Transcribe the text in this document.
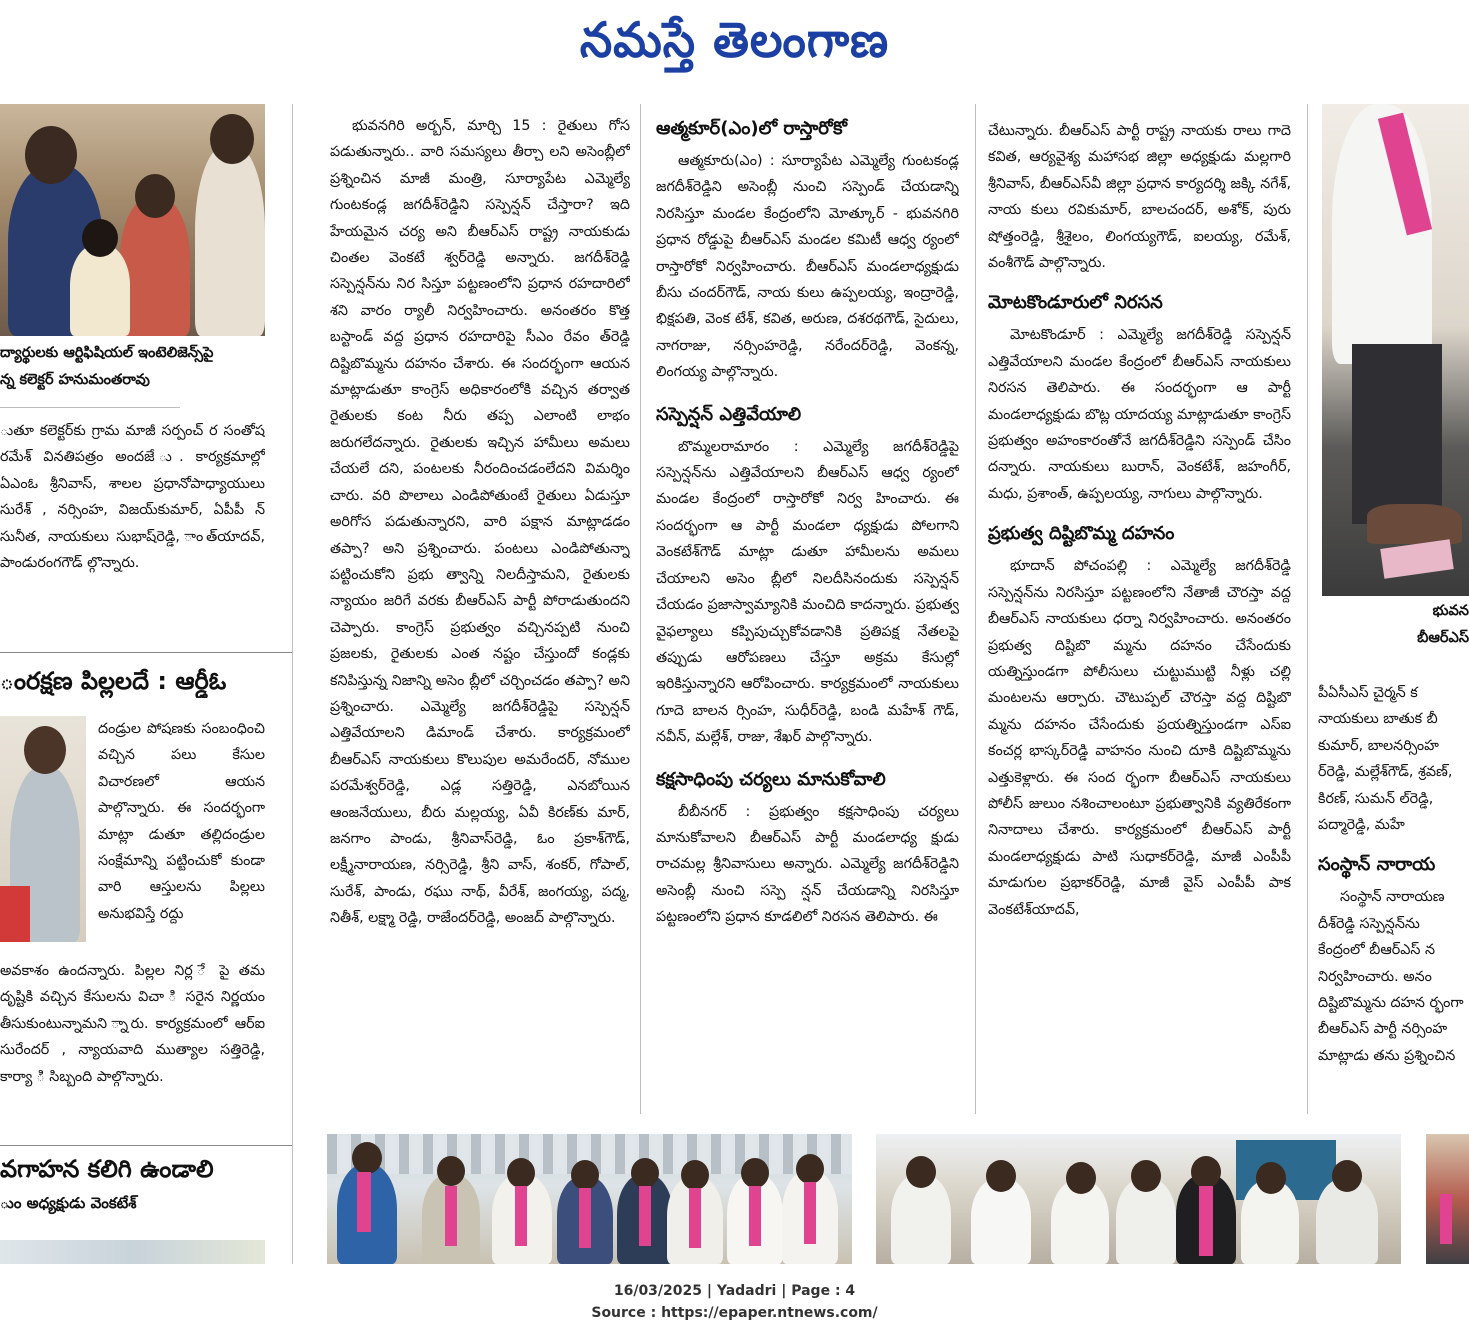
నమస్తే తెలంగాణ
ద్యార్థులకు ఆర్టిఫిషియల్ ఇంటెలిజెన్స్‌పై
న్న కలెక్టర్ హనుమంతరావు

ుతూ కలెక్టర్‌కు గ్రామ మాజీ సర్పంచ్ ర సంతోష రమేశ్ వినతిపత్రం అందజే ు. కార్యక్రమాల్లో ఏఎంఓ శ్రీనివాస్, శాలల ప్రధానోపాధ్యాయులు సురేశ్ , నర్సింహ, విజయ్‌కుమార్, ఏపీపీ న్ సునీత, నాయకులు సుభాష్‌రెడ్డి, ాంత్‌యాదవ్, పాండురంగగౌడ్ ల్గొన్నారు.

ంరక్షణ పిల్లలదే : ఆర్డీఓ

దండ్రుల పోషణకు సంబంధించి వచ్చిన పలు కేసుల విచారణలో ఆయన పాల్గొన్నారు. ఈ సందర్భంగా మాట్లా డుతూ తల్లిదండ్రుల సంక్షేమాన్ని పట్టించుకో కుండా వారి ఆస్తులను పిల్లలు అనుభవిస్తే రద్దు

అవకాశం ఉందన్నారు. పిల్లల నిర్ల ే పై తమ దృష్టికి వచ్చిన కేసులను విచా ి సరైన నిర్ణయం తీసుకుంటున్నామని ్నారు. కార్యక్రమంలో ఆర్‌ఐ సురేందర్ , న్యాయవాది ముత్యాల సత్తిరెడ్డి, కార్యా ి సిబ్బంది పాల్గొన్నారు.

వగాహన కలిగి ఉండాలి
ుం అధ్యక్షుడు వెంకటేశ్

భువనగిరి అర్బన్, మార్చి 15 : రైతులు గోస పడుతున్నారు.. వారి సమస్యలు తీర్చా లని అసెంబ్లీలో ప్రశ్నించిన మాజీ మంత్రి, సూర్యాపేట ఎమ్మెల్యే గుంటకండ్ల జగదీశ్‌రెడ్డిని సస్పెన్షన్ చేస్తారా? ఇది హేయమైన చర్య అని బీఆర్‌ఎస్ రాష్ట్ర నాయకుడు చింతల వెంకటే శ్వర్‌రెడ్డి అన్నారు. జగదీశ్‌రెడ్డి సస్పెన్షన్‌ను నిర సిస్తూ పట్టణంలోని ప్రధాన రహదారిలో శని వారం ర్యాలీ నిర్వహించారు. అనంతరం కొత్త బస్టాండ్ వద్ద ప్రధాన రహదారిపై సీఎం రేవం త్‌రెడ్డి దిష్టిబొమ్మను దహనం చేశారు. ఈ సందర్భంగా ఆయన మాట్లాడుతూ కాంగ్రెస్ అధికారంలోకి వచ్చిన తర్వాత రైతులకు కంట నీరు తప్ప ఎలాంటి లాభం జరుగలేదన్నారు. రైతులకు ఇచ్చిన హామీలు అమలు చేయలే దని, పంటలకు నీరందించడంలేదని విమర్శిం చారు. వరి పొలాలు ఎండిపోతుంటే రైతులు ఏడుస్తూ అరిగోస పడుతున్నారని, వారి పక్షాన మాట్లాడడం తప్పా? అని ప్రశ్నించారు. పంటలు ఎండిపోతున్నా పట్టించుకోని ప్రభు త్వాన్ని నిలదీస్తామని, రైతులకు న్యాయం జరిగే వరకు బీఆర్‌ఎస్ పార్టీ పోరాడుతుందని చెప్పారు. కాంగ్రెస్ ప్రభుత్వం వచ్చినప్పటి నుంచి ప్రజలకు, రైతులకు ఎంత నష్టం చేస్తుందో కండ్లకు కనిపిస్తున్న నిజాన్ని అసెం బ్లీలో చర్చించడం తప్పా? అని ప్రశ్నించారు. ఎమ్మెల్యే జగదీశ్‌రెడ్డిపై సస్పెన్షన్ ఎత్తివేయాలని డిమాండ్ చేశారు. కార్యక్రమంలో బీఆర్‌ఎస్ నాయకులు కొలుపుల అమరేందర్, నోముల పరమేశ్వర్‌రెడ్డి, ఎడ్ల సత్తిరెడ్డి, ఎనబోయిన ఆంజనేయులు, బీరు మల్లయ్య, ఏవీ కిరణ్‌కు మార్, జనగాం పాండు, శ్రీనివాస్‌రెడ్డి, ఓం ప్రకాశ్‌గౌడ్, లక్ష్మీనారాయణ, నర్సిరెడ్డి, శ్రీని వాస్, శంకర్, గోపాల్, సురేశ్, పాండు, రఘు నాథ్, వీరేశ్, జంగయ్య, పద్మ, నితీశ్, లక్ష్మా రెడ్డి, రాజేందర్‌రెడ్డి, అంజద్ పాల్గొన్నారు.

ఆత్మకూర్(ఎం)లో రాస్తారోకో

ఆత్మకూరు(ఎం) : సూర్యాపేట ఎమ్మెల్యే గుంటకండ్ల జగదీశ్‌రెడ్డిని అసెంబ్లీ నుంచి సస్పెండ్ చేయడాన్ని నిరసిస్తూ మండల కేంద్రంలోని మోత్కూర్ - భువనగిరి ప్రధాన రోడ్డుపై బీఆర్‌ఎస్ మండల కమిటీ ఆధ్వ ర్యంలో రాస్తారోకో నిర్వహించారు. బీఆర్‌ఎస్ మండలాధ్యక్షుడు బీసు చందర్‌గౌడ్, నాయ కులు ఉప్పలయ్య, ఇంద్రారెడ్డి, భిక్షపతి, వెంక టేశ్, కవిత, అరుణ, దశరథగౌడ్, సైదులు, నాగరాజు, నర్సింహరెడ్డి, నరేందర్‌రెడ్డి, వెంకన్న, లింగయ్య పాల్గొన్నారు.

సస్పెన్షన్ ఎత్తివేయాలి

బొమ్మలరామారం : ఎమ్మెల్యే జగదీశ్‌రెడ్డిపై సస్పెన్షన్‌ను ఎత్తివేయాలని బీఆర్‌ఎస్ ఆధ్వ ర్యంలో మండల కేంద్రంలో రాస్తారోకో నిర్వ హించారు. ఈ సందర్భంగా ఆ పార్టీ మండలా ధ్యక్షుడు పోలగాని వెంకటేశ్‌గౌడ్ మాట్లా డుతూ హామీలను అమలు చేయాలని అసెం బ్లీలో నిలదీసినందుకు సస్పెన్షన్ చేయడం ప్రజాస్వామ్యానికి మంచిది కాదన్నారు. ప్రభుత్వ వైఫల్యాలు కప్పిపుచ్చుకోవడానికి ప్రతిపక్ష నేతలపై తప్పుడు ఆరోపణలు చేస్తూ అక్రమ కేసుల్లో ఇరికిస్తున్నారని ఆరోపించారు. కార్యక్రమంలో నాయకులు గూదె బాలన ర్సింహ, సుధీర్‌రెడ్డి, బండి మహేశ్ గౌడ్, నవీన్, మల్లేశ్, రాజు, శేఖర్ పాల్గొన్నారు.

కక్షసాధింపు చర్యలు మానుకోవాలి

బీబీనగర్ : ప్రభుత్వం కక్షసాధింపు చర్యలు మానుకోవాలని బీఆర్‌ఎస్ పార్టీ మండలాధ్య క్షుడు రాచమల్ల శ్రీనివాసులు అన్నారు. ఎమ్మెల్యే జగదీశ్‌రెడ్డిని అసెంబ్లీ నుంచి సస్పె న్షన్ చేయడాన్ని నిరసిస్తూ పట్టణంలోని ప్రధాన కూడలిలో నిరసన తెలిపారు. ఈ

చేటున్నారు. బీఆర్‌ఎస్ పార్టీ రాష్ట్ర నాయకు రాలు గాదె కవిత, ఆర్యవైశ్య మహాసభ జిల్లా అధ్యక్షుడు మల్లగారి శ్రీనివాస్, బీఆర్‌ఎస్‌వీ జిల్లా ప్రధాన కార్యదర్శి జక్కి నగేశ్, నాయ కులు రవికుమార్, బాలచందర్, అశోక్, పురు షోత్తంరెడ్డి, శ్రీశైలం, లింగయ్యగౌడ్, ఐలయ్య, రమేశ్, వంశీగౌడ్ పాల్గొన్నారు.

మోటకొండూరులో నిరసన

మోటకొండూర్ : ఎమ్మెల్యే జగదీశ్‌రెడ్డి సస్పెన్షన్ ఎత్తివేయాలని మండల కేంద్రంలో బీఆర్‌ఎస్ నాయకులు నిరసన తెలిపారు. ఈ సందర్భంగా ఆ పార్టీ మండలాధ్యక్షుడు బొట్ల యాదయ్య మాట్లాడుతూ కాంగ్రెస్ ప్రభుత్వం అహంకారంతోనే జగదీశ్‌రెడ్డిని సస్పెండ్ చేసిం దన్నారు. నాయకులు బురాన్, వెంకటేశ్, జహంగీర్, మధు, ప్రశాంత్, ఉప్పలయ్య, నాగులు పాల్గొన్నారు.

ప్రభుత్వ దిష్టిబొమ్మ దహనం

భూదాన్ పోచంపల్లి : ఎమ్మెల్యే జగదీశ్‌రెడ్డి సస్పెన్షన్‌ను నిరసిస్తూ పట్టణంలోని నేతాజీ చౌరస్తా వద్ద బీఆర్‌ఎస్ నాయకులు ధర్నా నిర్వహించారు. అనంతరం ప్రభుత్వ దిష్టిబొ మ్మను దహనం చేసేందుకు యత్నిస్తుండగా పోలీసులు చుట్టుముట్టి నీళ్లు చల్లి మంటలను ఆర్పారు. చౌటుప్పల్ చౌరస్తా వద్ద దిష్టిబొ మ్మను దహనం చేసేందుకు ప్రయత్నిస్తుండగా ఎస్‌ఐ కంచర్ల భాస్కర్‌రెడ్డి వాహనం నుంచి దూకి దిష్టిబొమ్మను ఎత్తుకెళ్లారు. ఈ సంద ర్భంగా బీఆర్‌ఎస్ నాయకులు పోలీస్ జులుం నశించాలంటూ ప్రభుత్వానికి వ్యతిరేకంగా నినాదాలు చేశారు. కార్యక్రమంలో బీఆర్‌ఎస్ పార్టీ మండలాధ్యక్షుడు పాటి సుధాకర్‌రెడ్డి, మాజీ ఎంపీపీ మాడుగుల ప్రభాకర్‌రెడ్డి, మాజీ వైస్ ఎంపీపీ పాక వెంకటేశ్‌యాదవ్,

భువన
బీఆర్‌ఎస్

పీఏసీఎస్ చైర్మన్ క నాయకులు బాతుక బీ కుమార్, బాలనర్సింహ ర్‌రెడ్డి, మల్లేశ్‌గౌడ్, శ్రవణ్, కిరణ్, సుమన్ ల్‌రెడ్డి, పద్మారెడ్డి, మహే

సంస్థాన్ నారాయ

సంస్థాన్ నారాయణ దీశ్‌రెడ్డి సస్పెన్షన్‌ను కేంద్రంలో బీఆర్‌ఎస్ న నిర్వహించారు. అనం దిష్టిబొమ్మను దహన ర్భంగా బీఆర్‌ఎస్ పార్టీ నర్సింహ మాట్లాడు తను ప్రశ్నించిన

16/03/2025 | Yadadri | Page : 4
Source : https://epaper.ntnews.com/
